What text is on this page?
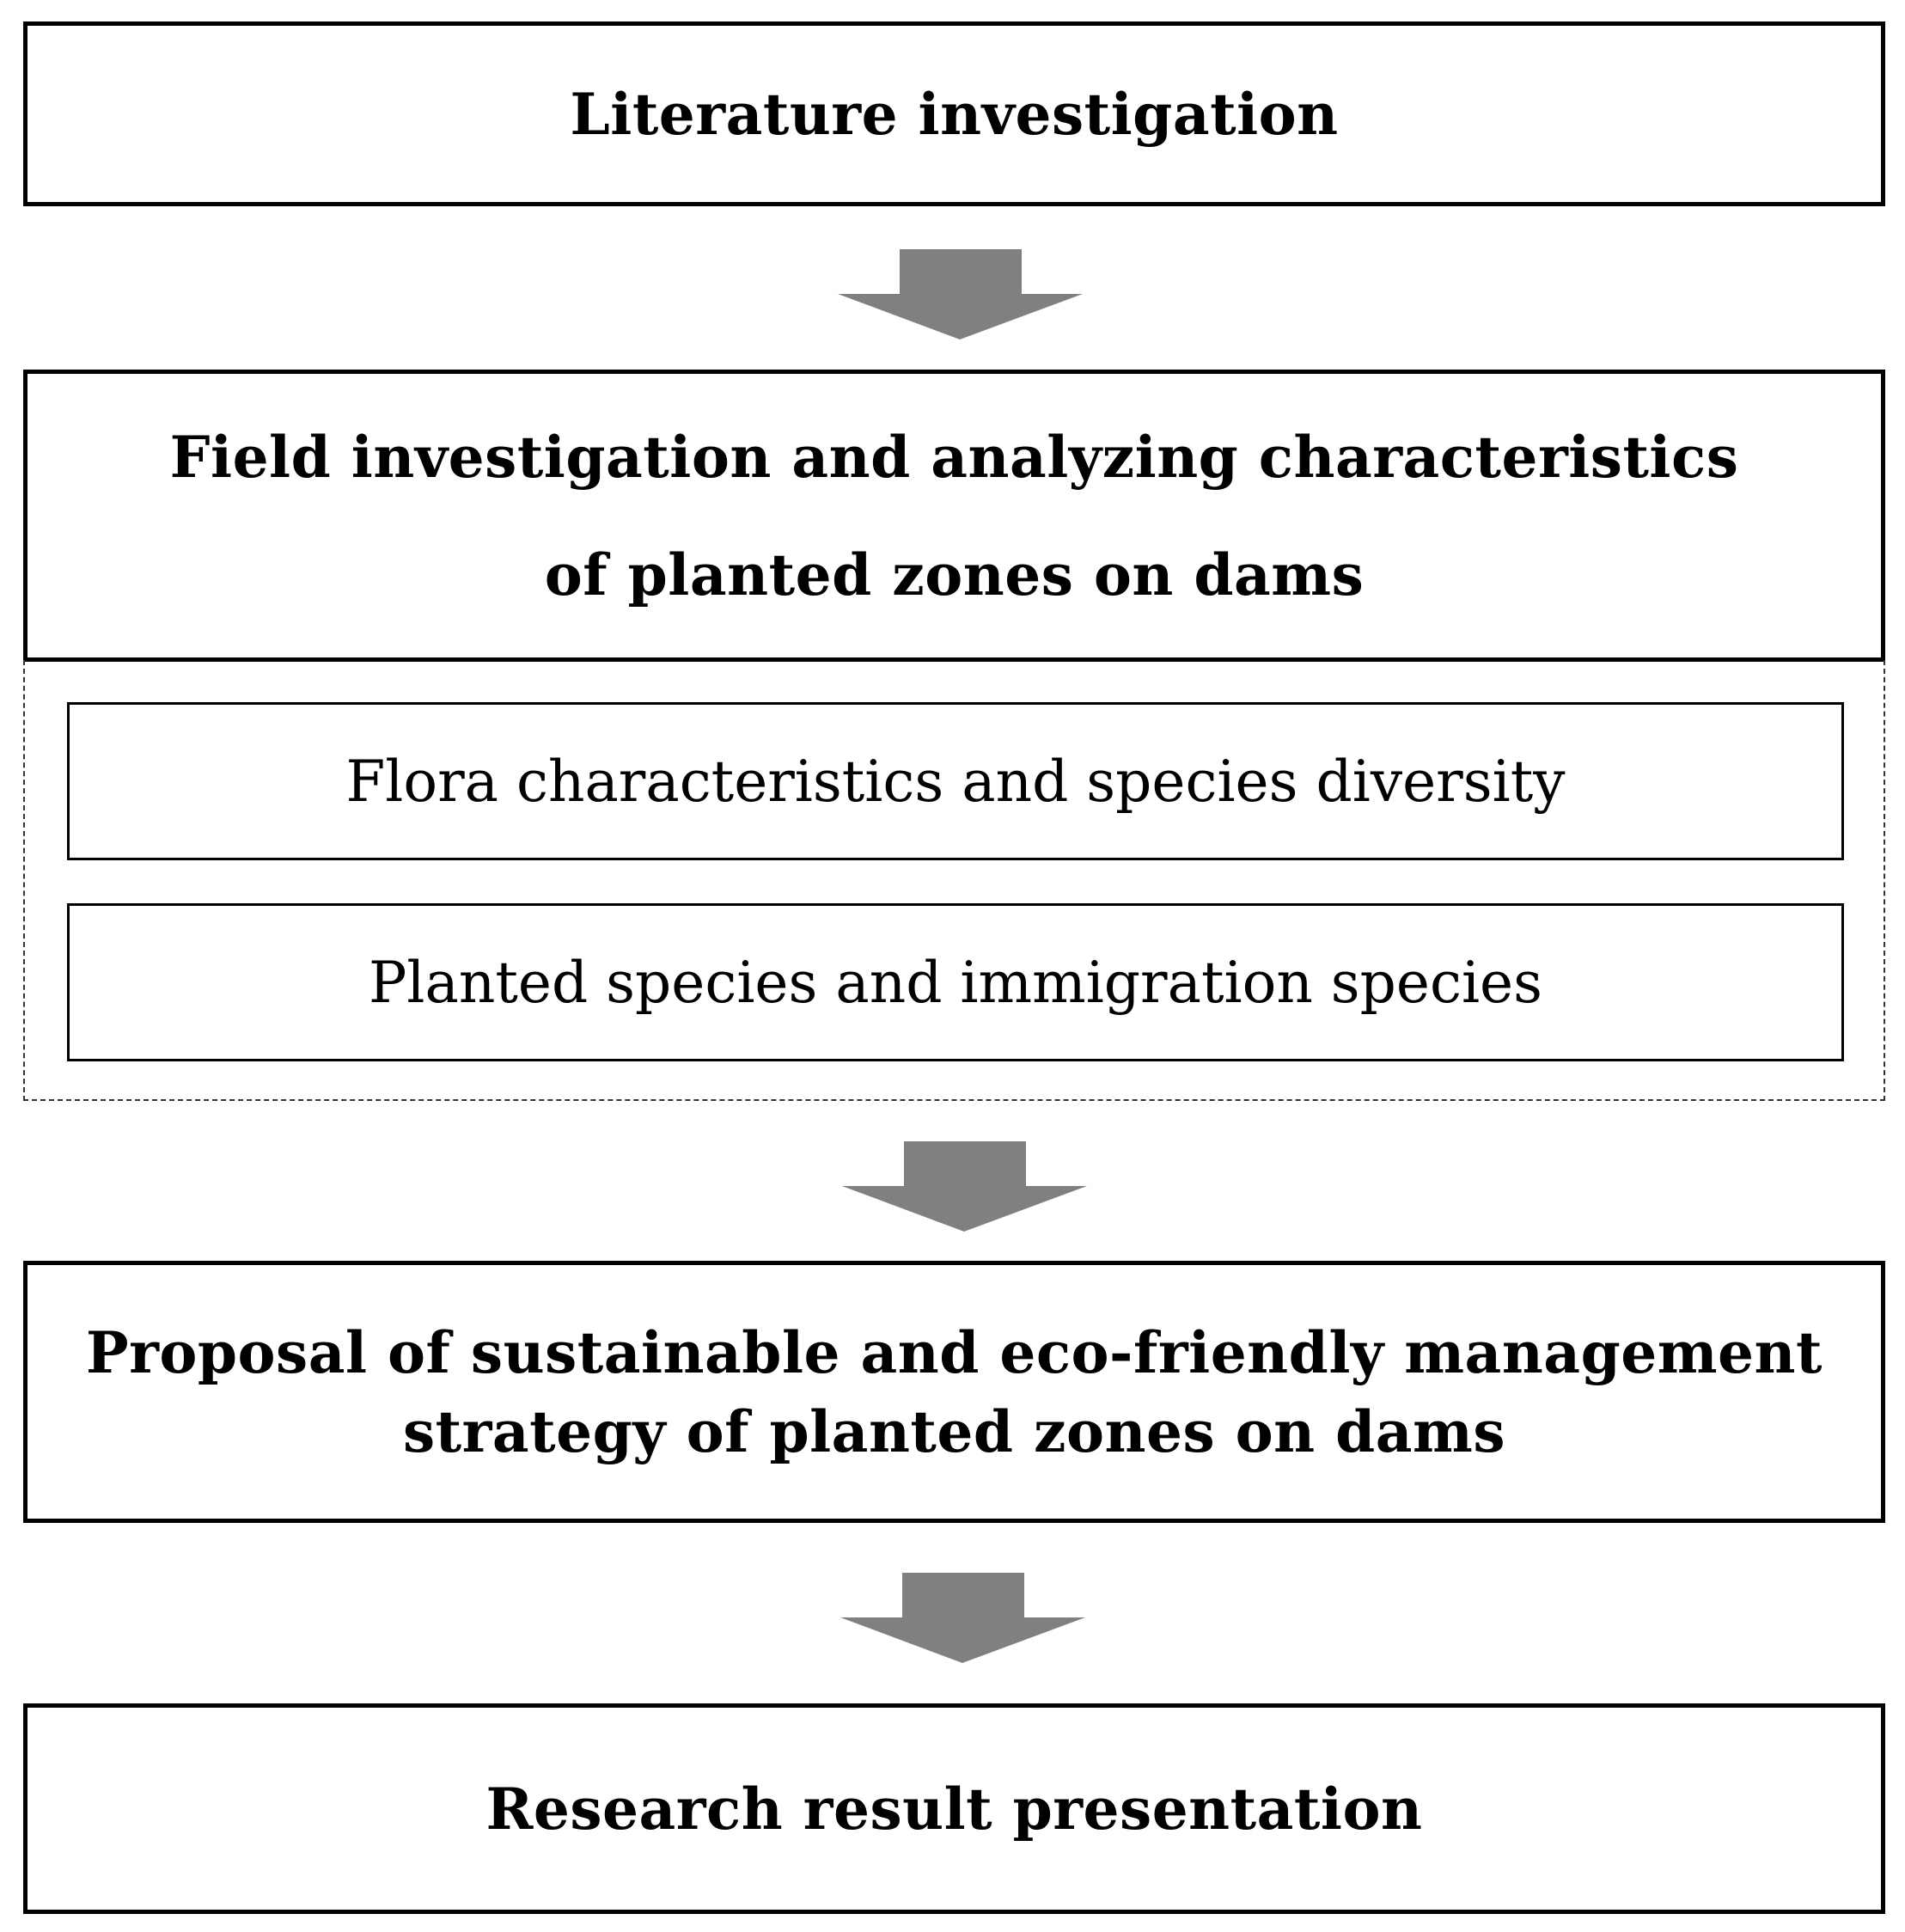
Literature investigation
Field investigation and analyzing characteristics
of planted zones on dams
Flora characteristics and species diversity
Planted species and immigration species
Proposal of sustainable and eco-friendly management
strategy of planted zones on dams
Research result presentation
